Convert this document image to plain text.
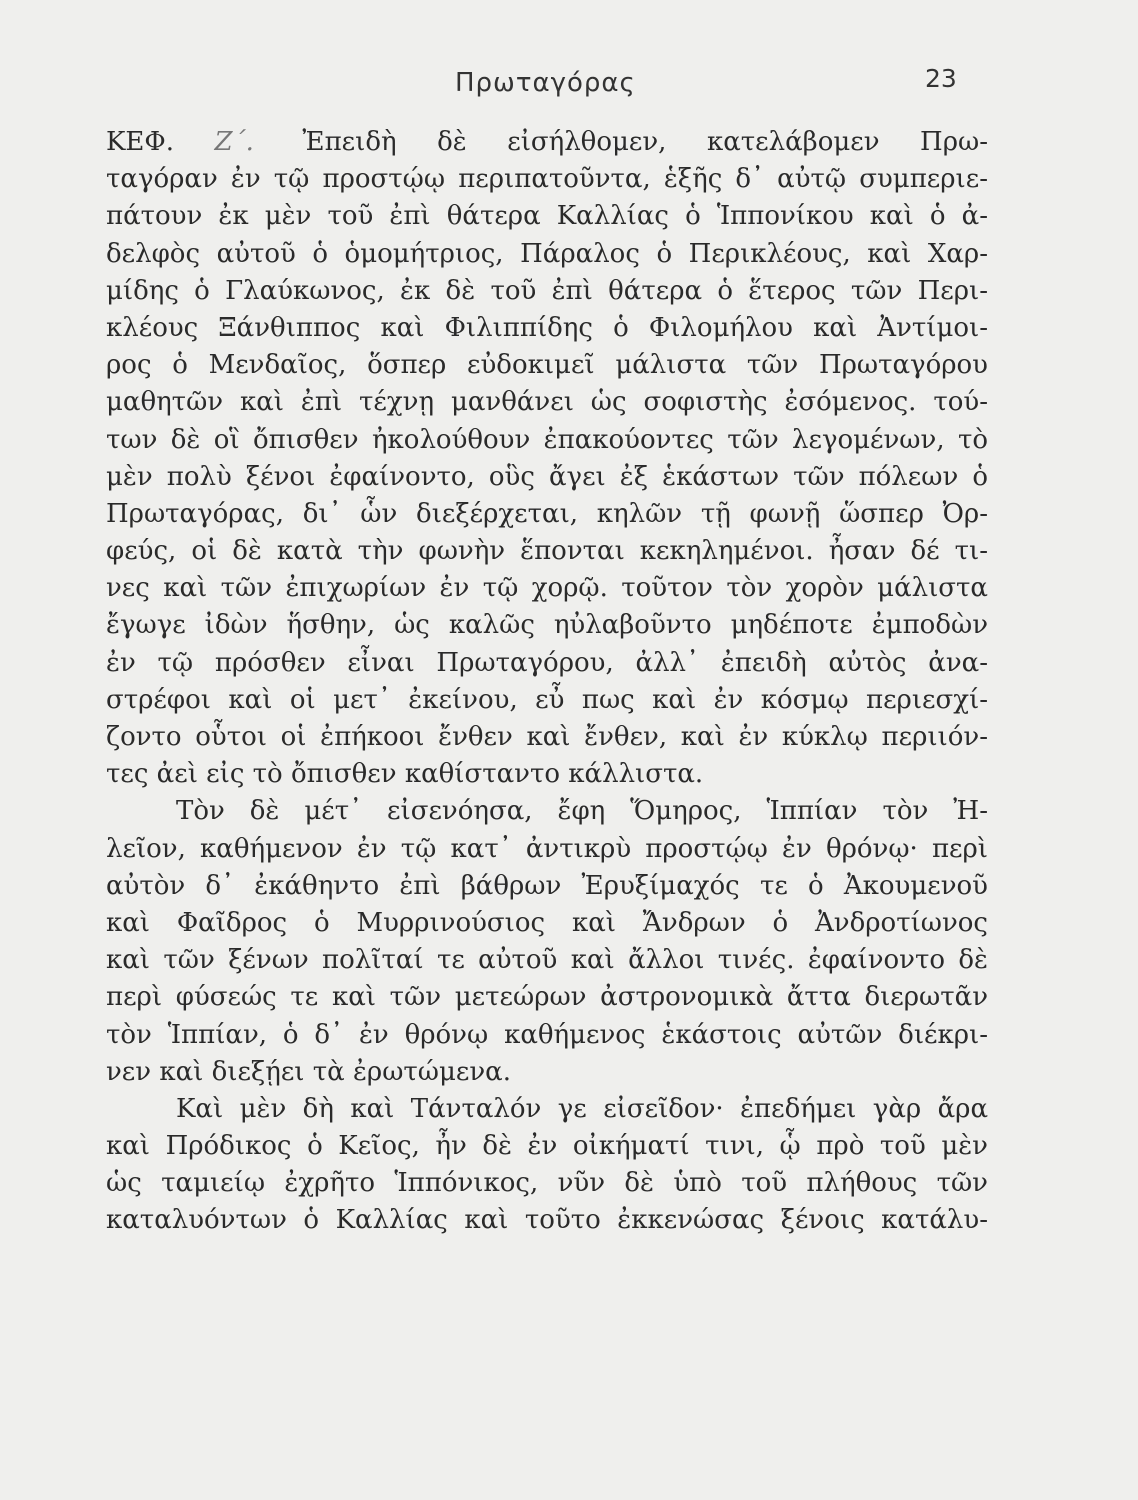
Πρωταγόρας	23
ΚΕΦ. Ζ΄. Ἐπειδὴ δὲ εἰσήλθομεν, κατελάβομεν Πρω-
ταγόραν ἐν τῷ προστῴῳ περιπατοῦντα, ἑξῆς δ᾽ αὐτῷ συμπεριε-
πάτουν ἐκ μὲν τοῦ ἐπὶ θάτερα Καλλίας ὁ Ἱππονίκου καὶ ὁ ἀ-
δελφὸς αὐτοῦ ὁ ὁμομήτριος, Πάραλος ὁ Περικλέους, καὶ Χαρ-
μίδης ὁ Γλαύκωνος, ἐκ δὲ τοῦ ἐπὶ θάτερα ὁ ἕτερος τῶν Περι-
κλέους Ξάνθιππος καὶ Φιλιππίδης ὁ Φιλομήλου καὶ Ἀντίμοι-
ρος ὁ Μενδαῖος, ὅσπερ εὐδοκιμεῖ μάλιστα τῶν Πρωταγόρου
μαθητῶν καὶ ἐπὶ τέχνῃ μανθάνει ὡς σοφιστὴς ἐσόμενος. τού-
των δὲ οἳ ὄπισθεν ἠκολούθουν ἐπακούοντες τῶν λεγομένων, τὸ
μὲν πολὺ ξένοι ἐφαίνοντο, οὓς ἄγει ἐξ ἑκάστων τῶν πόλεων ὁ
Πρωταγόρας, δι᾽ ὧν διεξέρχεται, κηλῶν τῇ φωνῇ ὥσπερ Ὀρ-
φεύς, οἱ δὲ κατὰ τὴν φωνὴν ἕπονται κεκηλημένοι. ἦσαν δέ τι-
νες καὶ τῶν ἐπιχωρίων ἐν τῷ χορῷ. τοῦτον τὸν χορὸν μάλιστα
ἔγωγε ἰδὼν ἥσθην, ὡς καλῶς ηὐλαβοῦντο μηδέποτε ἐμποδὼν
ἐν τῷ πρόσθεν εἶναι Πρωταγόρου, ἀλλ᾽ ἐπειδὴ αὐτὸς ἀνα-
στρέφοι καὶ οἱ μετ᾽ ἐκείνου, εὖ πως καὶ ἐν κόσμῳ περιεσχί-
ζοντο οὗτοι οἱ ἐπήκοοι ἔνθεν καὶ ἔνθεν, καὶ ἐν κύκλῳ περιιόν-
τες ἀεὶ εἰς τὸ ὄπισθεν καθίσταντο κάλλιστα.
Τὸν δὲ μέτ᾽ εἰσενόησα, ἔφη Ὅμηρος, Ἱππίαν τὸν Ἠ-
λεῖον, καθήμενον ἐν τῷ κατ᾽ ἀντικρὺ προστῴῳ ἐν θρόνῳ· περὶ
αὐτὸν δ᾽ ἐκάθηντο ἐπὶ βάθρων Ἐρυξίμαχός τε ὁ Ἀκουμενοῦ
καὶ Φαῖδρος ὁ Μυρρινούσιος καὶ Ἄνδρων ὁ Ἀνδροτίωνος
καὶ τῶν ξένων πολῖταί τε αὐτοῦ καὶ ἄλλοι τινές. ἐφαίνοντο δὲ
περὶ φύσεώς τε καὶ τῶν μετεώρων ἀστρονομικὰ ἄττα διερωτᾶν
τὸν Ἱππίαν, ὁ δ᾽ ἐν θρόνῳ καθήμενος ἑκάστοις αὐτῶν διέκρι-
νεν καὶ διεξῄει τὰ ἐρωτώμενα.
Καὶ μὲν δὴ καὶ Τάνταλόν γε εἰσεῖδον· ἐπεδήμει γὰρ ἄρα
καὶ Πρόδικος ὁ Κεῖος, ἦν δὲ ἐν οἰκήματί τινι, ᾧ πρὸ τοῦ μὲν
ὡς ταμιείῳ ἐχρῆτο Ἱππόνικος, νῦν δὲ ὑπὸ τοῦ πλήθους τῶν
καταλυόντων ὁ Καλλίας καὶ τοῦτο ἐκκενώσας ξένοις κατάλυ-
